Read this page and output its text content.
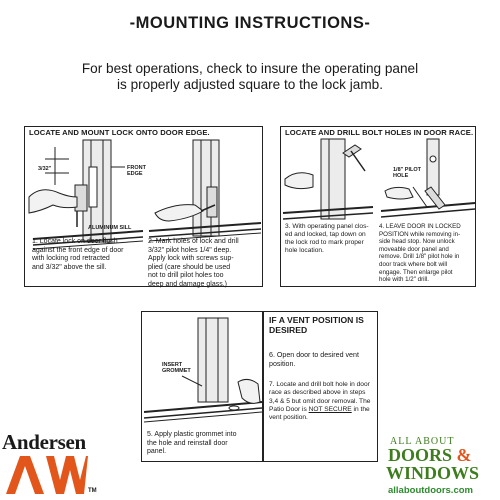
-MOUNTING INSTRUCTIONS-
For best operations, check to insure the operating panel
is properly adjusted square to the lock jamb.
LOCATE AND MOUNT LOCK ONTO DOOR EDGE.
3/32"	FRONT
EDGE
ALUMINUM SILL
1. Locate lock on door flush
against the front edge of door
with locking rod retracted
and 3/32" above the sill.
2. Mark holes of lock and drill
3/32" pilot holes 1/4" deep.
Apply lock with screws sup-
plied (care should be used
not to drill pilot holes too
deep and damage glass.)
LOCATE AND DRILL BOLT HOLES IN DOOR RACE.
1/8" PILOT
HOLE
3. With operating panel clos-
ed and locked, tap down on
the lock rod to mark proper
hole location.
4. LEAVE DOOR IN LOCKED
POSITION while removing in-
side head stop. Now unlock
moveable door panel and
remove. Drill 1/8" pilot hole in
door track where bolt will
engage. Then enlarge pilot
hole with 1/2" drill.
INSERT
GROMMET
5. Apply plastic grommet into
the hole and reinstall door
panel.
IF A VENT POSITION IS
DESIRED
6. Open door to desired vent
position.
7. Locate and drill bolt hole in door
race as described above in steps
3,4 & 5 but omit door removal. The
Patio Door is NOT SECURE in the
vent position.
Andersen
TM
ALL ABOUT
DOORS &
WINDOWS
allaboutdoors.com
